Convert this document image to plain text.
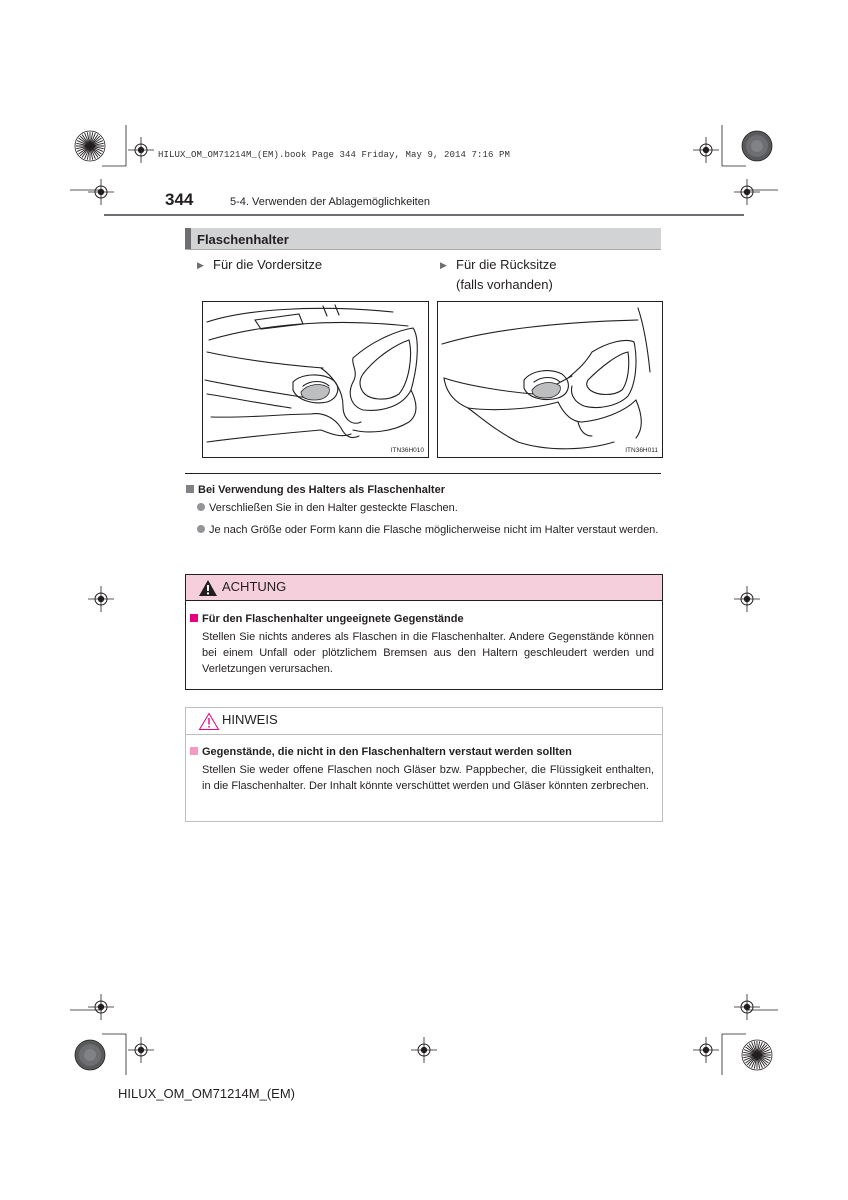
HILUX_OM_OM71214M_(EM).book Page 344 Friday, May 9, 2014 7:16 PM
344	5-4. Verwenden der Ablagemöglichkeiten
Flaschenhalter
▶ Für die Vordersitze	▶ Für die Rücksitze
(falls vorhanden)
ITN36H010	ITN36H011
Bei Verwendung des Halters als Flaschenhalter
Verschließen Sie in den Halter gesteckte Flaschen.
Je nach Größe oder Form kann die Flasche möglicherweise nicht im Halter verstaut werden.
ACHTUNG
Für den Flaschenhalter ungeeignete Gegenstände
Stellen Sie nichts anderes als Flaschen in die Flaschenhalter. Andere Gegenstände können bei einem Unfall oder plötzlichem Bremsen aus den Haltern geschleudert werden und Verletzungen verursachen.
HINWEIS
Gegenstände, die nicht in den Flaschenhaltern verstaut werden sollten
Stellen Sie weder offene Flaschen noch Gläser bzw. Pappbecher, die Flüssigkeit enthalten, in die Flaschenhalter. Der Inhalt könnte verschüttet werden und Gläser könnten zerbrechen.
HILUX_OM_OM71214M_(EM)
